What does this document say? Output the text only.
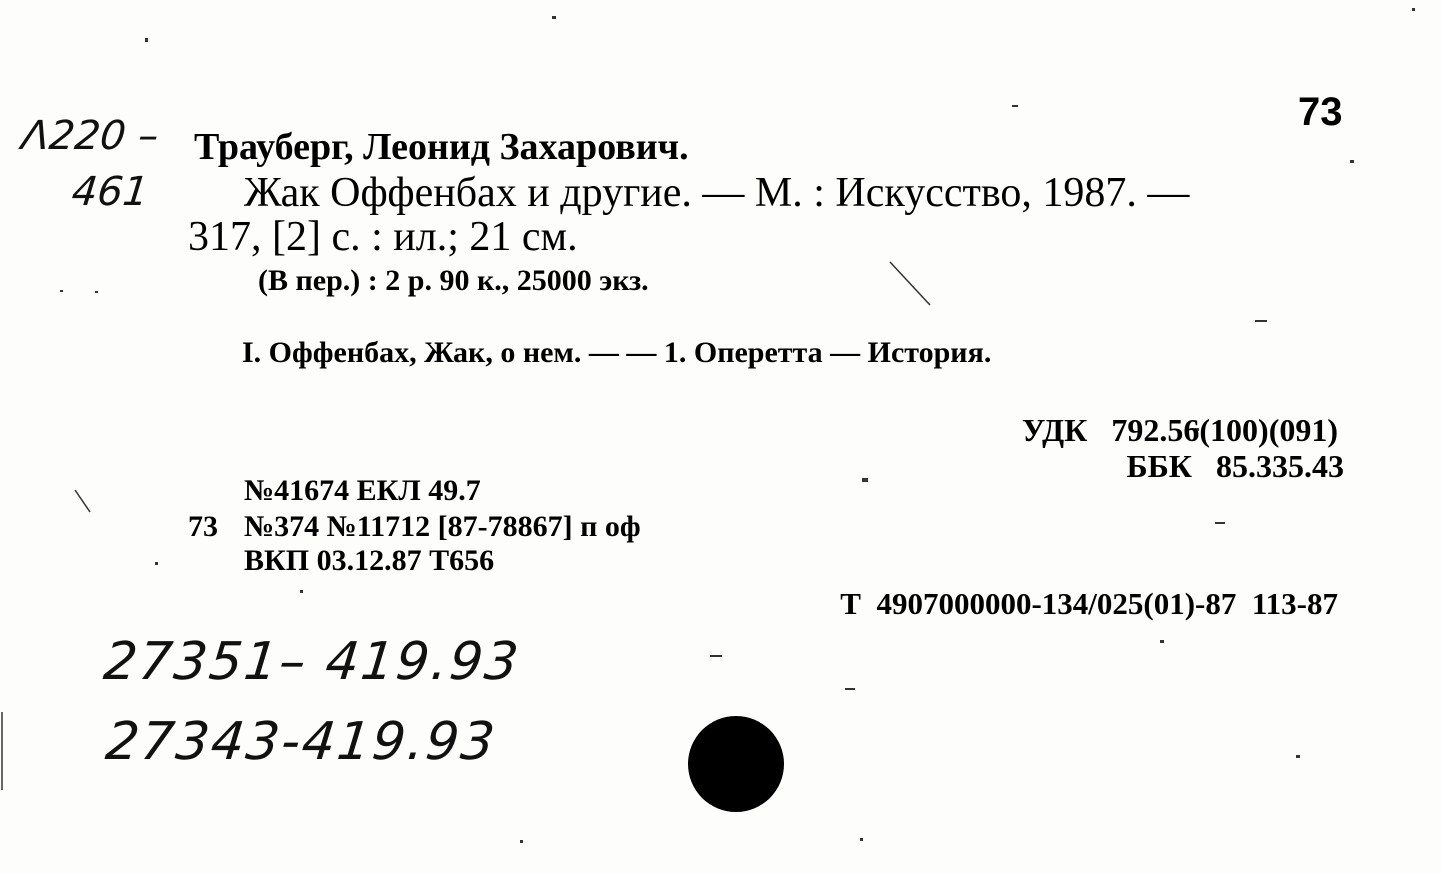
73
Λ220 –
461
Трауберг, Леонид Захарович.
Жак Оффенбах и другие. — М. : Искусство, 1987. —
317, [2] с. : ил.; 21 см.
(В пер.) : 2 р. 90 к., 25000 экз.
I. Оффенбах, Жак, о нем. — — 1. Оперетта — История.
УДК   792.56(100)(091)
ББК   85.335.43
№41674 ЕКЛ 49.7
73 №374 №11712 [87-78867] п оф
ВКП 03.12.87 Т656
Т  4907000000-134/025(01)-87  113-87
27351– 419.93
27343-419.93
